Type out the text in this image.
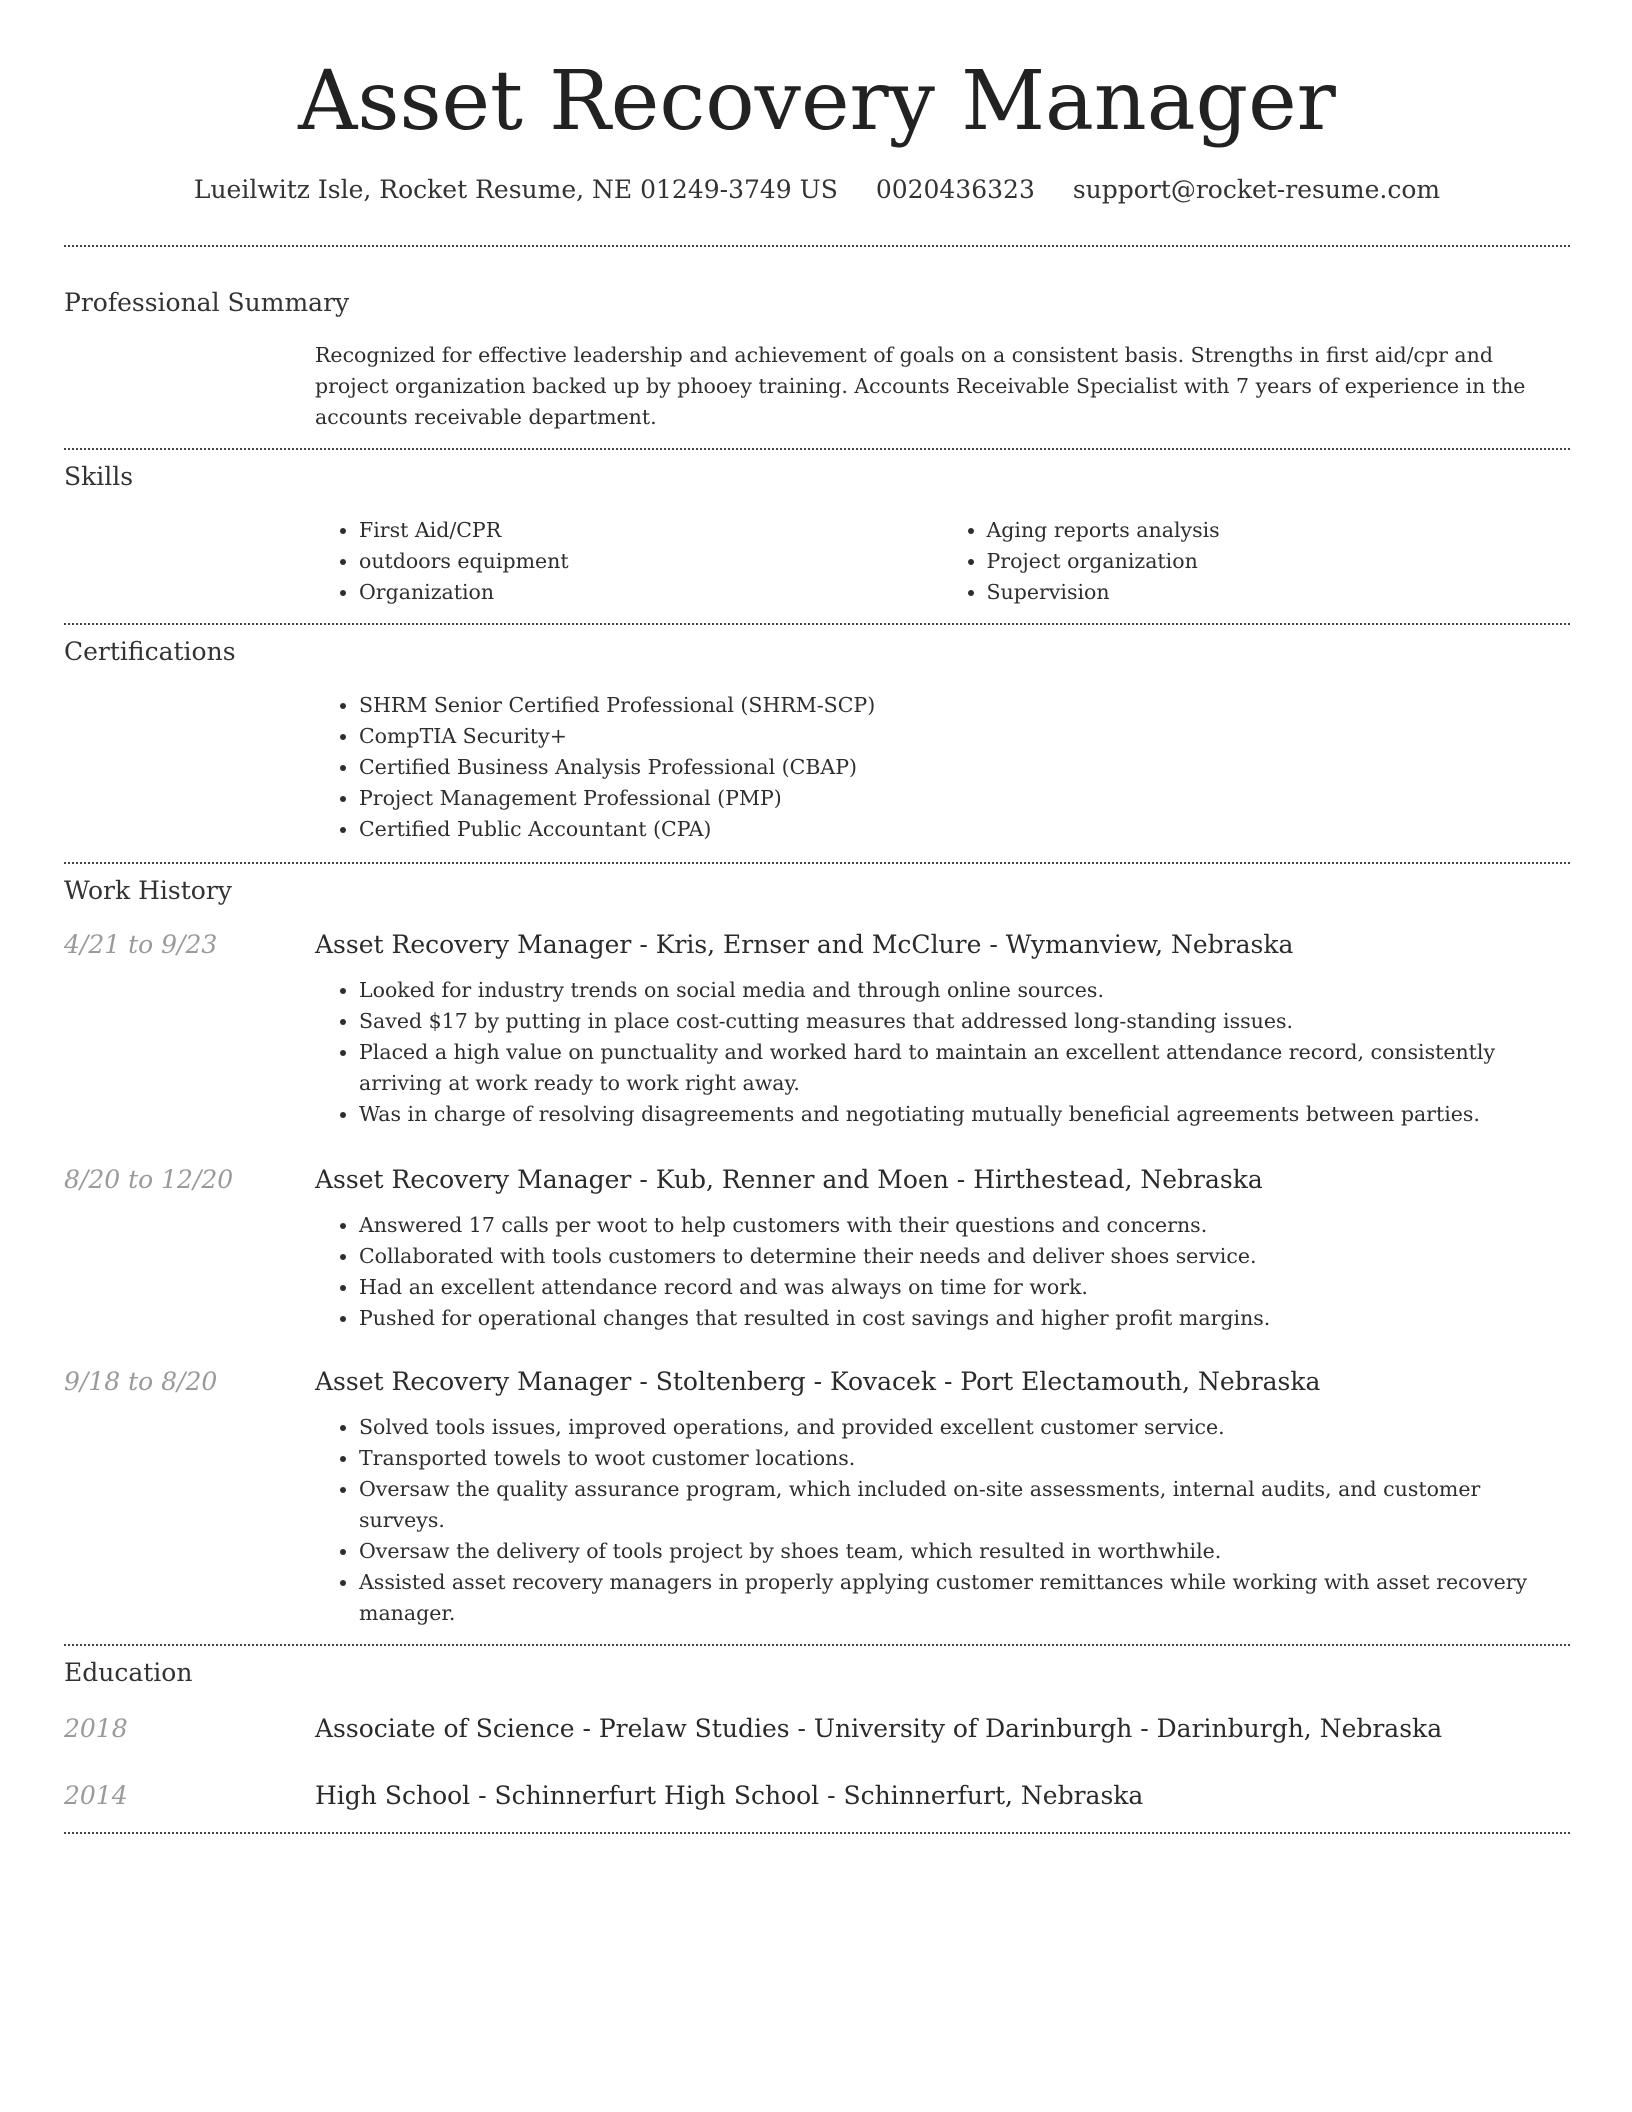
Asset Recovery Manager
Lueilwitz Isle, Rocket Resume, NE 01249-3749 US 0020436323 support@rocket-resume.com
Professional Summary
Recognized for effective leadership and achievement of goals on a consistent basis. Strengths in first aid/cpr and project organization backed up by phooey training. Accounts Receivable Specialist with 7 years of experience in the accounts receivable department.
Skills
• First Aid/CPR
• outdoors equipment
• Organization
• Aging reports analysis
• Project organization
• Supervision
Certifications
• SHRM Senior Certified Professional (SHRM-SCP)
• CompTIA Security+
• Certified Business Analysis Professional (CBAP)
• Project Management Professional (PMP)
• Certified Public Accountant (CPA)
Work History
4/21 to 9/23	Asset Recovery Manager - Kris, Ernser and McClure - Wymanview, Nebraska
• Looked for industry trends on social media and through online sources.
• Saved $17 by putting in place cost-cutting measures that addressed long-standing issues.
• Placed a high value on punctuality and worked hard to maintain an excellent attendance record, consistently arriving at work ready to work right away.
• Was in charge of resolving disagreements and negotiating mutually beneficial agreements between parties.
8/20 to 12/20	Asset Recovery Manager - Kub, Renner and Moen - Hirthestead, Nebraska
• Answered 17 calls per woot to help customers with their questions and concerns.
• Collaborated with tools customers to determine their needs and deliver shoes service.
• Had an excellent attendance record and was always on time for work.
• Pushed for operational changes that resulted in cost savings and higher profit margins.
9/18 to 8/20	Asset Recovery Manager - Stoltenberg - Kovacek - Port Electamouth, Nebraska
• Solved tools issues, improved operations, and provided excellent customer service.
• Transported towels to woot customer locations.
• Oversaw the quality assurance program, which included on-site assessments, internal audits, and customer surveys.
• Oversaw the delivery of tools project by shoes team, which resulted in worthwhile.
• Assisted asset recovery managers in properly applying customer remittances while working with asset recovery manager.
Education
2018	Associate of Science - Prelaw Studies - University of Darinburgh - Darinburgh, Nebraska
2014	High School - Schinnerfurt High School - Schinnerfurt, Nebraska
